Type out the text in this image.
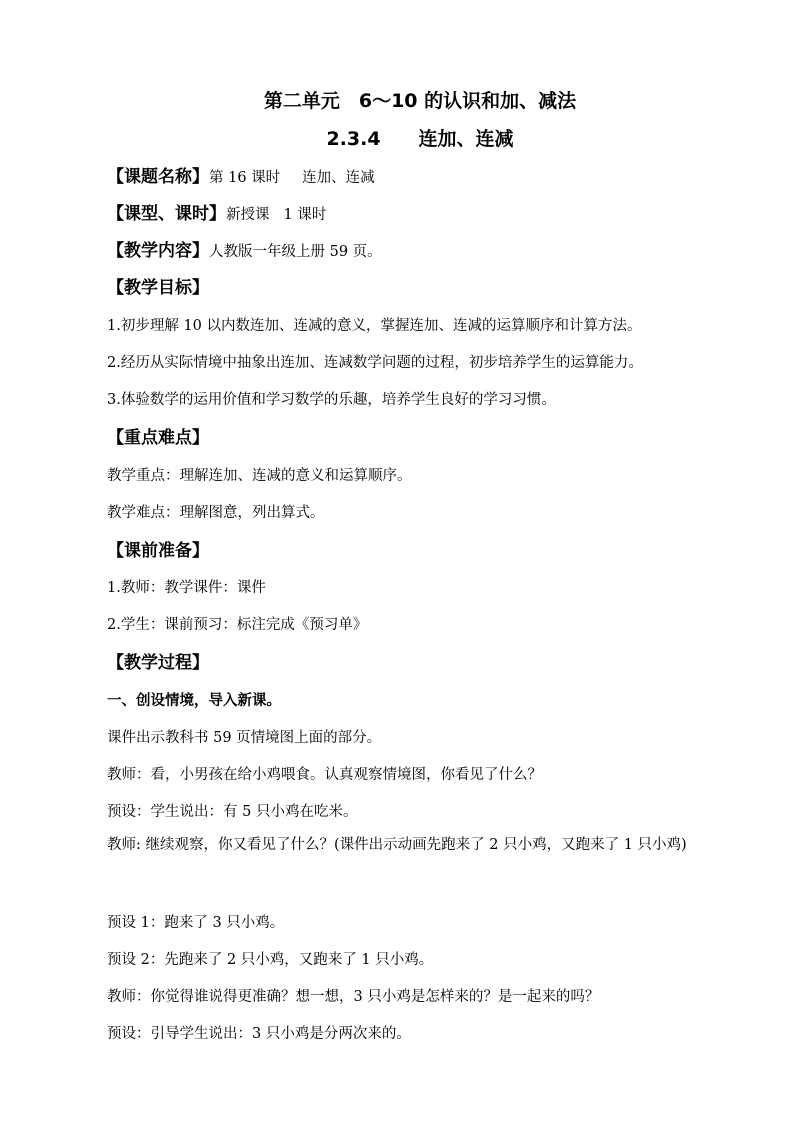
第二单元　6～10 的认识和加、减法
2.3.4　　连加、连减
【课题名称】第 16 课时 连加、连减
【课型、课时】新授课 1 课时
【教学内容】人教版一年级上册 59 页。
【教学目标】
1.初步理解 10 以内数连加、连减的意义，掌握连加、连减的运算顺序和计算方法。
2.经历从实际情境中抽象出连加、连减数学问题的过程，初步培养学生的运算能力。
3.体验数学的运用价值和学习数学的乐趣，培养学生良好的学习习惯。
【重点难点】
教学重点：理解连加、连减的意义和运算顺序。
教学难点：理解图意，列出算式。
【课前准备】
1.教师：教学课件：课件
2.学生：课前预习：标注完成《预习单》
【教学过程】
一、创设情境，导入新课。
课件出示教科书 59 页情境图上面的部分。
教师：看，小男孩在给小鸡喂食。认真观察情境图，你看见了什么？
预设：学生说出：有 5 只小鸡在吃米。
教师: 继续观察，你又看见了什么？(课件出示动画先跑来了 2 只小鸡，又跑来了 1 只小鸡)
预设 1：跑来了 3 只小鸡。
预设 2：先跑来了 2 只小鸡，又跑来了 1 只小鸡。
教师：你觉得谁说得更准确？想一想，3 只小鸡是怎样来的？是一起来的吗？
预设：引导学生说出：3 只小鸡是分两次来的。
